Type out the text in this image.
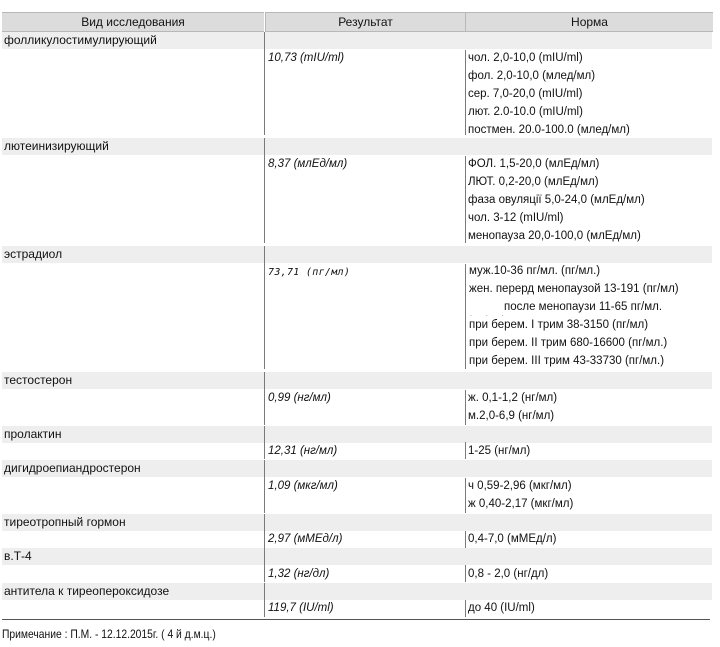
Вид исследования	Результат	Норма
фолликулостимулирующий
10,73 (mIU/ml)	чол. 2,0-10,0 (mIU/ml)
фол. 2,0-10,0 (млед/мл)
сер. 7,0-20,0 (mIU/ml)
лют. 2.0-10.0 (mIU/ml)
постмен. 20.0-100.0 (млед/мл)
лютеинизирующий
8,37 (млЕд/мл)	ФОЛ. 1,5-20,0 (млЕд/мл)
ЛЮТ. 0,2-20,0 (млЕд/мл)
фаза овуляції 5,0-24,0 (млЕд/мл)
чол. 3-12 (mIU/ml)
менопауза 20,0-100,0 (млЕд/мл)
эстрадиол
73,71 (пг/мл)	муж.10-36 пг/мл. (пг/мл.)
жен. перерд менопаузой 13-191 (пг/мл)
после менопаузи 11-65 пг/мл.
. . .
при берем. I трим 38-3150 (пг/мл)
при берем. II трим 680-16600 (пг/мл.)
при берем. III трим 43-33730 (пг/мл.)
тестостерон
0,99 (нг/мл)	ж. 0,1-1,2 (нг/мл)
м.2,0-6,9 (нг/мл)
пролактин
12,31 (нг/мл)	1-25 (нг/мл)
дигидроепиандростерон
1,09 (мкг/мл)	ч 0,59-2,96 (мкг/мл)
ж 0,40-2,17 (мкг/мл)
тиреотропный гормон
2,97 (мМЕд/л)	0,4-7,0 (мМЕд/л)
в.Т-4
1,32 (нг/дл)	0,8 - 2,0 (нг/дл)
антитела к тиреопероксидозе
119,7 (IU/ml)	до 40 (IU/ml)
Примечание : П.М. - 12.12.2015г. ( 4 й д.м.ц.)
